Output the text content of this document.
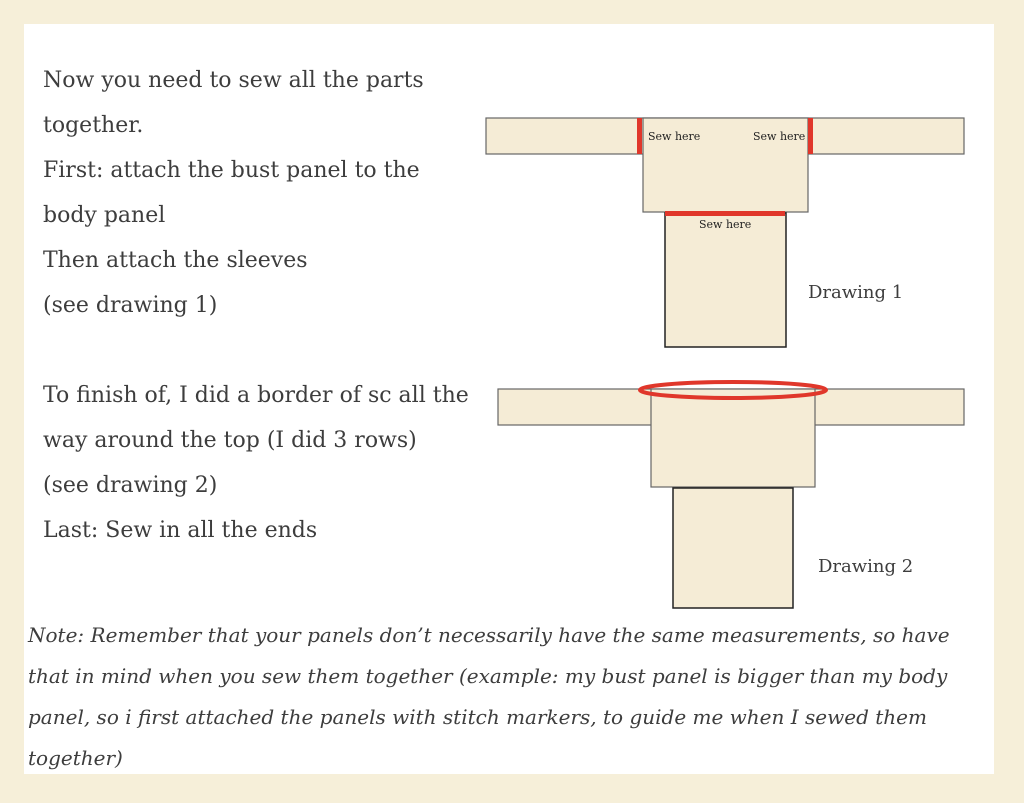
Now you need to sew all the parts
together.
First: attach the bust panel to the
body panel
Then attach the sleeves
(see drawing 1)
To finish of, I did a border of sc all the
way around the top (I did 3 rows)
(see drawing 2)
Last: Sew in all the ends
Sew here	Sew here
Sew here
Drawing 1
Drawing 2

Note: Remember that your panels don’t necessarily have the same measurements, so have

that in mind when you sew them together (example: my bust panel is bigger than my body

panel, so i first attached the panels with stitch markers, to guide me when I sewed them

together)
